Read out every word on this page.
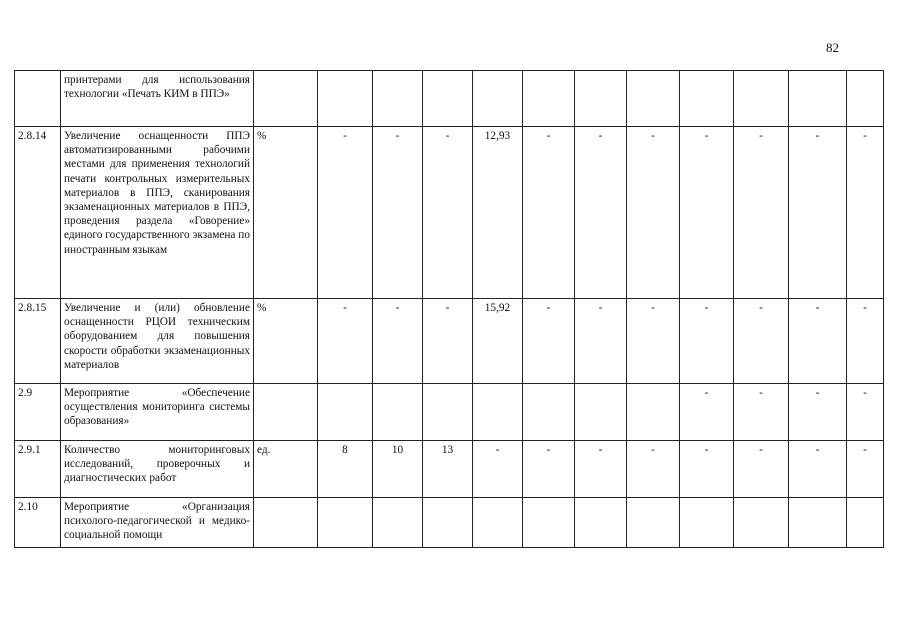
82
	принтерами для использования технологии «Печать КИМ в ППЭ»												
2.8.14	Увеличение оснащенности ППЭ автоматизированными рабочими местами для применения технологий печати контрольных измерительных материалов в ППЭ, сканирования экзаменационных материалов в ППЭ, проведения раздела «Говорение» единого государственного экзамена по иностранным языкам	%	-	-	-	12,93	-	-	-	-	-	-	-
2.8.15	Увеличение и (или) обновление оснащенности РЦОИ техническим оборудованием для повышения скорости обработки экзаменационных материалов	%	-	-	-	15,92	-	-	-	-	-	-	-
2.9	Мероприятие «Обеспечение осуществления мониторинга системы образования»									-	-	-	-
2.9.1	Количество мониторинговых исследований, проверочных и диагностических работ	ед.	8	10	13	-	-	-	-	-	-	-	-
2.10	Мероприятие «Организация психолого-педагогической и медико-социальной помощи												
